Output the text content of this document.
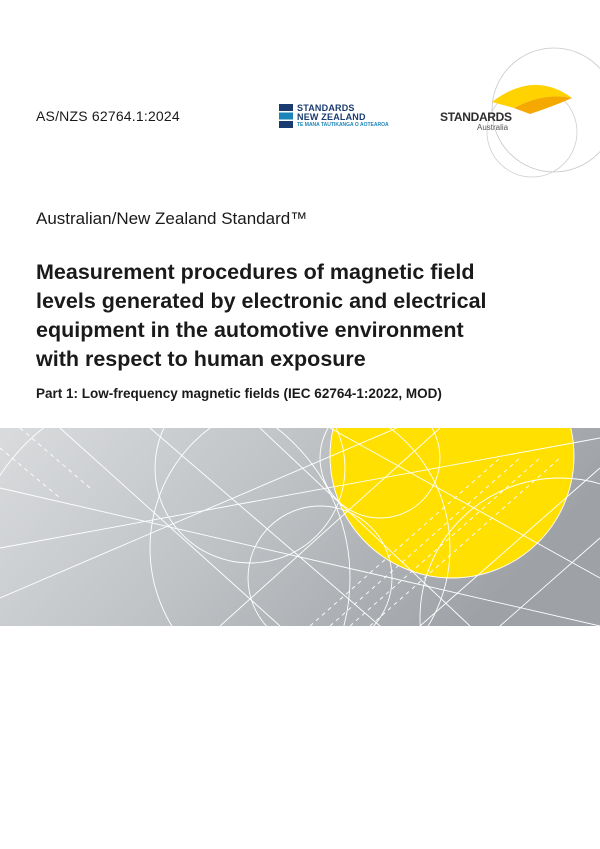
AS/NZS 62764.1:2024	STANDARDS
NEW ZEALAND
TE MANA TAUTIKANGA O AOTEAROA
STANDARDS
Australia
Australian/New Zealand Standard™
Measurement procedures of magnetic field
levels generated by electronic and electrical
equipment in the automotive environment
with respect to human exposure
Part 1: Low-frequency magnetic fields (IEC 62764-1:2022, MOD)
